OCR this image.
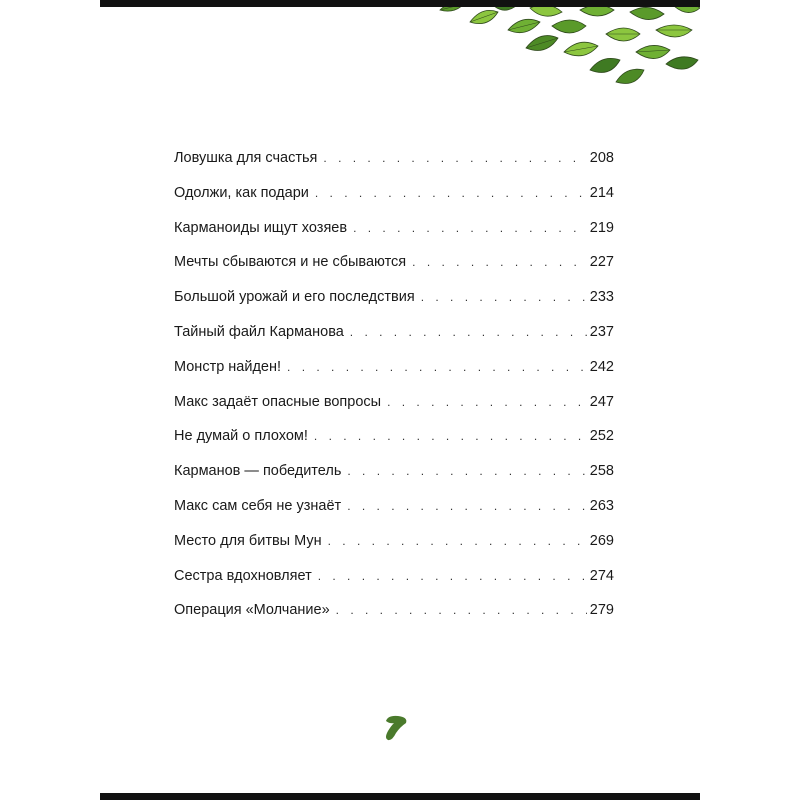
Ловушка для счастья . . .	208
Одолжи, как подари . . .	214
Карманоиды ищут хозяев . . .	219
Мечты сбываются и не сбываются . . .	227
Большой урожай и его последствия . . .	233
Тайный файл Карманова . . .	237
Монстр найден! . . .	242
Макс задаёт опасные вопросы . . .	247
Не думай о плохом! . . .	252
Карманов — победитель . . .	258
Макс сам себя не узнаёт . . .	263
Место для битвы Мун . . .	269
Сестра вдохновляет . . .	274
Операция «Молчание» . . .	279
